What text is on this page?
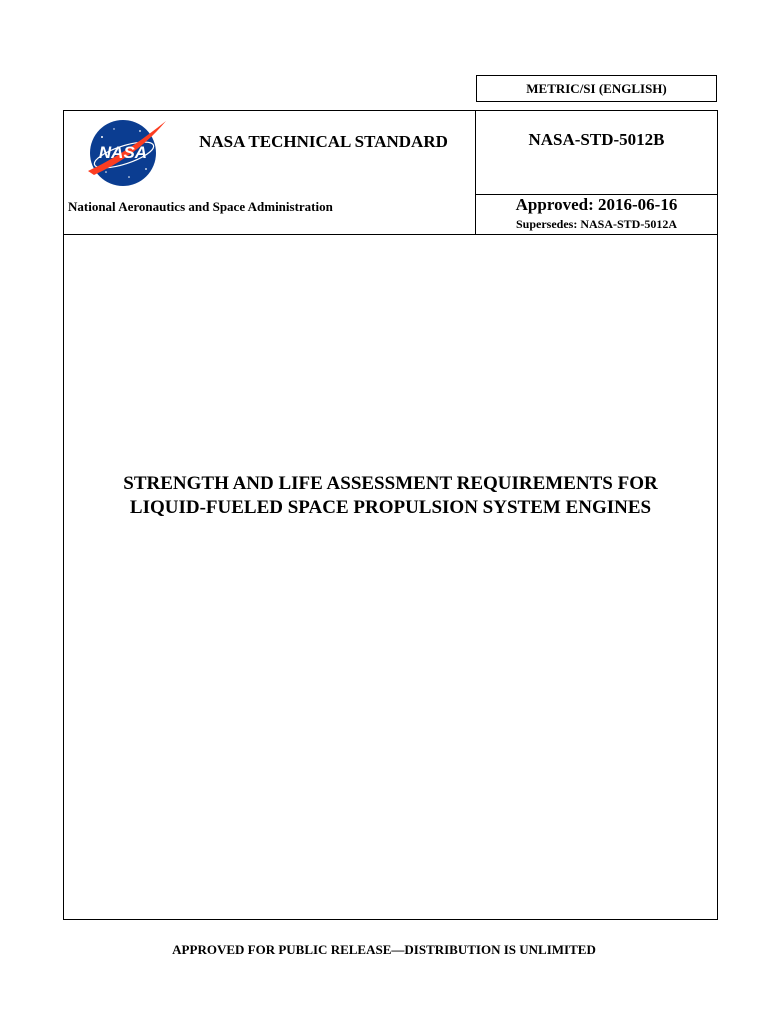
METRIC/SI (ENGLISH)
NASA
NASA TECHNICAL STANDARD	NASA-STD-5012B
National Aeronautics and Space Administration	Approved: 2016-06-16
Supersedes: NASA-STD-5012A
STRENGTH AND LIFE ASSESSMENT REQUIREMENTS FOR
LIQUID-FUELED SPACE PROPULSION SYSTEM ENGINES
APPROVED FOR PUBLIC RELEASE—DISTRIBUTION IS UNLIMITED
